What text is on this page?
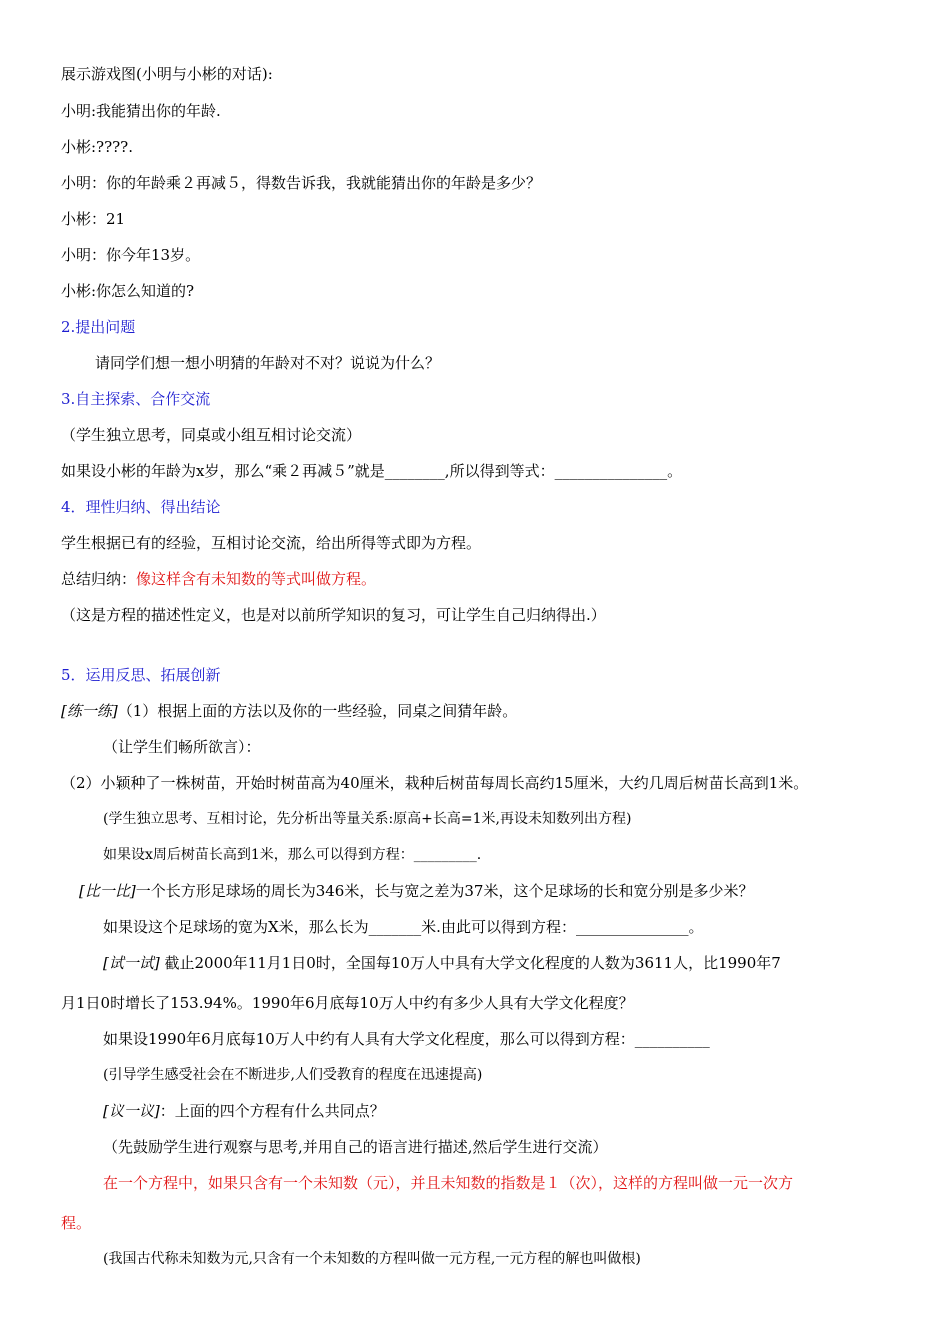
展示游戏图(小明与小彬的对话):
小明:我能猜出你的年龄.
小彬:????.
小明：你的年龄乘２再减５，得数告诉我，我就能猜出你的年龄是多少？
小彬：21
小明：你今年13岁。
小彬:你怎么知道的?
2.提出问题
请同学们想一想小明猜的年龄对不对？说说为什么？
3.自主探索、合作交流
（学生独立思考，同桌或小组互相讨论交流）
如果设小彬的年龄为x岁，那么“乘２再减５”就是________,所以得到等式：_______________。
4．理性归纳、得出结论
学生根据已有的经验，互相讨论交流，给出所得等式即为方程。
总结归纳：像这样含有未知数的等式叫做方程。
（这是方程的描述性定义，也是对以前所学知识的复习，可让学生自己归纳得出.）
5．运用反思、拓展创新
[练一练]（1）根据上面的方法以及你的一些经验，同桌之间猜年龄。
（让学生们畅所欲言）：
（2）小颖种了一株树苗，开始时树苗高为40厘米，栽种后树苗每周长高约15厘米，大约几周后树苗长高到1米。
(学生独立思考、互相讨论，先分析出等量关系:原高+长高=1米,再设未知数列出方程)
如果设x周后树苗长高到1米，那么可以得到方程：_________.
[比一比]一个长方形足球场的周长为346米，长与宽之差为37米，这个足球场的长和宽分别是多少米？
如果设这个足球场的宽为X米，那么长为_______米.由此可以得到方程：_______________。
[试一试] 截止2000年11月1日0时，全国每10万人中具有大学文化程度的人数为3611人，比1990年7
月1日0时增长了153.94%。1990年6月底每10万人中约有多少人具有大学文化程度？
如果设1990年6月底每10万人中约有人具有大学文化程度，那么可以得到方程：__________
(引导学生感受社会在不断进步,人们受教育的程度在迅速提高)
[议一议]：上面的四个方程有什么共同点？
（先鼓励学生进行观察与思考,并用自己的语言进行描述,然后学生进行交流）
在一个方程中，如果只含有一个未知数（元），并且未知数的指数是１（次），这样的方程叫做一元一次方
程。
(我国古代称未知数为元,只含有一个未知数的方程叫做一元方程,一元方程的解也叫做根)
